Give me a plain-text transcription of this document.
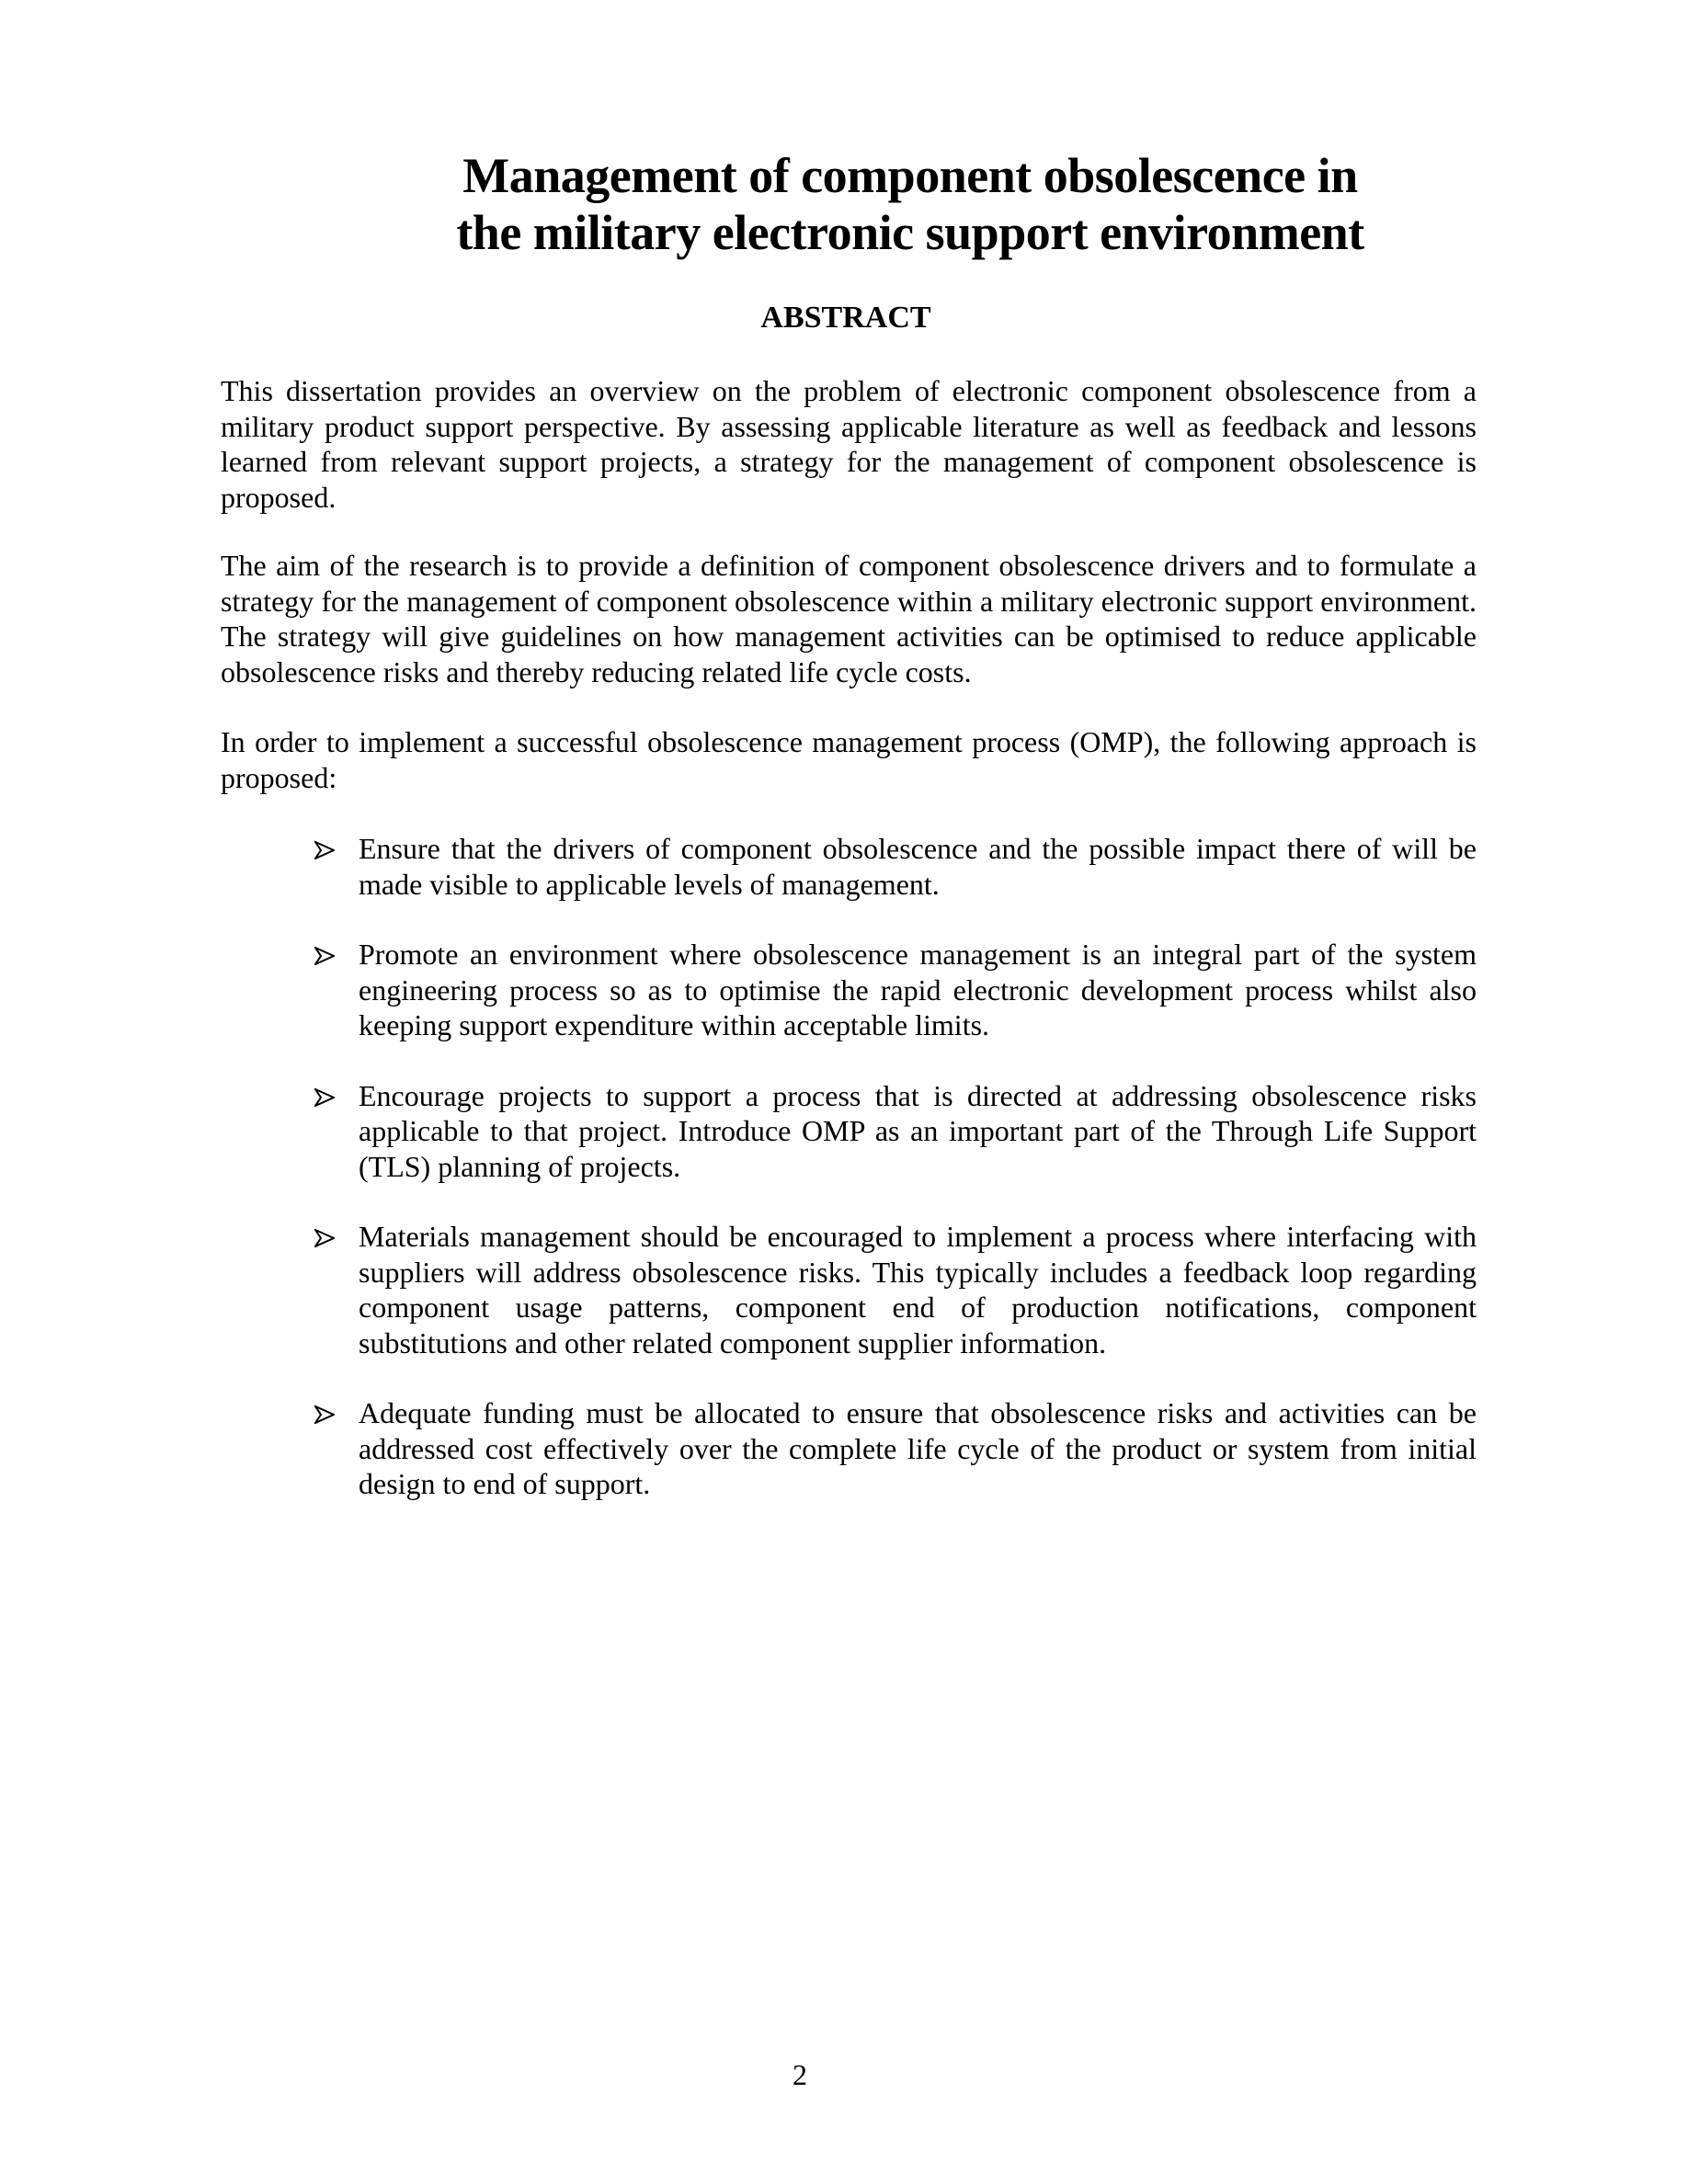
Management of component obsolescence in
the military electronic support environment
ABSTRACT

This dissertation provides an overview on the problem of electronic component obsolescence from a military product support perspective. By assessing applicable literature as well as feedback and lessons learned from relevant support projects, a strategy for the management of component obsolescence is proposed.

The aim of the research is to provide a definition of component obsolescence drivers and to formulate a strategy for the management of component obsolescence within a military electronic support environment. The strategy will give guidelines on how management activities can be optimised to reduce applicable obsolescence risks and thereby reducing related life cycle costs.

In order to implement a successful obsolescence management process (OMP), the following approach is proposed:

Ensure that the drivers of component obsolescence and the possible impact there of will be made visible to applicable levels of management.
Promote an environment where obsolescence management is an integral part of the system engineering process so as to optimise the rapid electronic development process whilst also keeping support expenditure within acceptable limits.
Encourage projects to support a process that is directed at addressing obsolescence risks applicable to that project. Introduce OMP as an important part of the Through Life Support (TLS) planning of projects.
Materials management should be encouraged to implement a process where interfacing with suppliers will address obsolescence risks. This typically includes a feedback loop regarding component usage patterns, component end of production notifications, component substitutions and other related component supplier information.
Adequate funding must be allocated to ensure that obsolescence risks and activities can be addressed cost effectively over the complete life cycle of the product or system from initial design to end of support.
2
